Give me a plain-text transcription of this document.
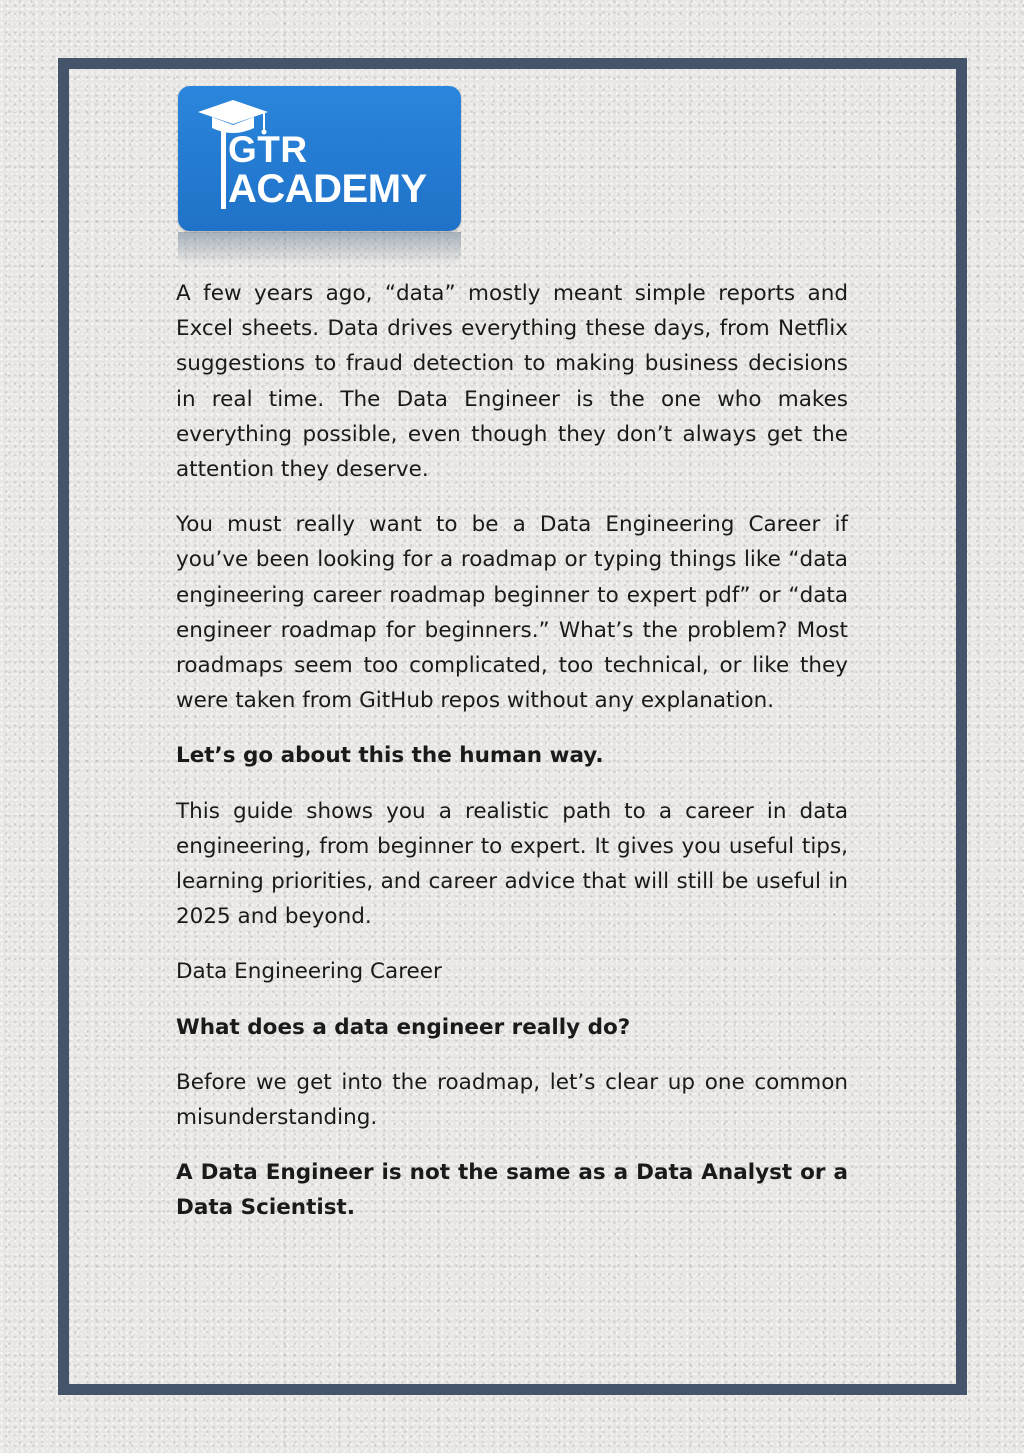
GTR
ACADEMY

A few years ago, “data” mostly meant simple reports and Excel sheets. Data drives everything these days, from Netflix suggestions to fraud detection to making business decisions in real time. The Data Engineer is the one who makes everything possible, even though they don’t always get the attention they deserve.

You must really want to be a Data Engineering Career if you’ve been looking for a roadmap or typing things like “data engineering career roadmap beginner to expert pdf” or “data engineer roadmap for beginners.” What’s the problem? Most roadmaps seem too complicated, too technical, or like they were taken from GitHub repos without any explanation.

Let’s go about this the human way.

This guide shows you a realistic path to a career in data engineering, from beginner to expert. It gives you useful tips, learning priorities, and career advice that will still be useful in 2025 and beyond.

Data Engineering Career

What does a data engineer really do?

Before we get into the roadmap, let’s clear up one common misunderstanding.

A Data Engineer is not the same as a Data Analyst or a Data Scientist.
